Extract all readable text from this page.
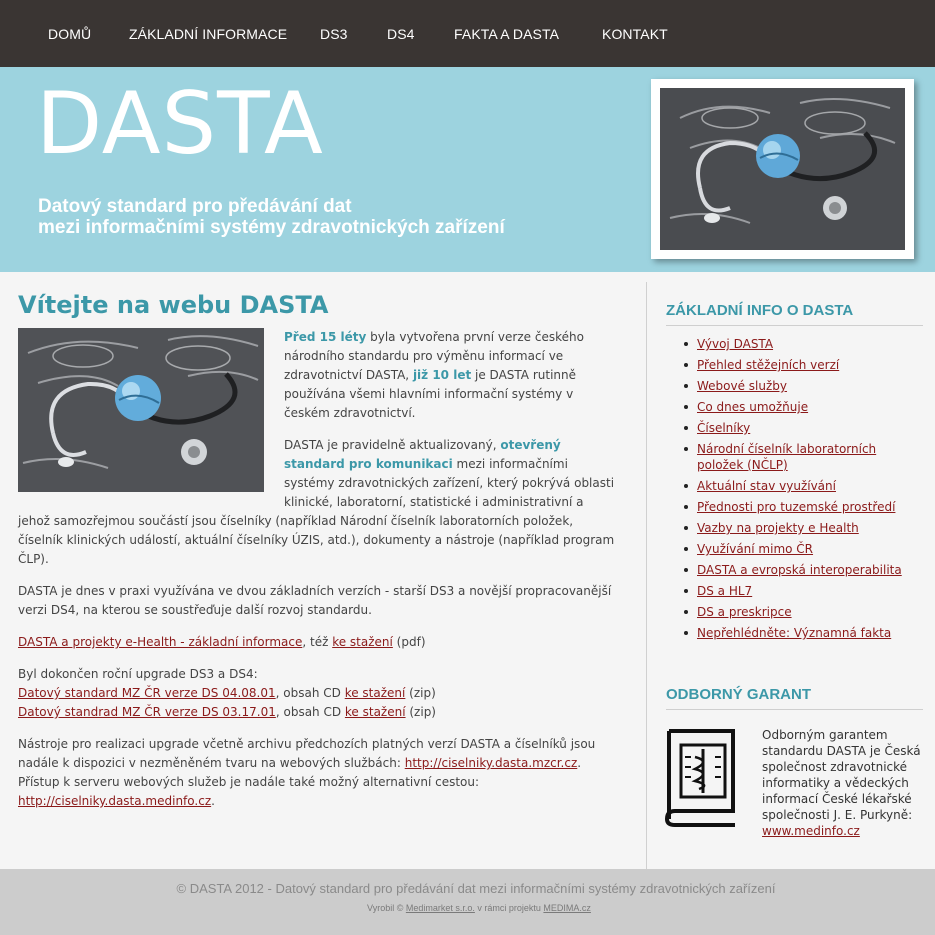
DOMŮ	ZÁKLADNÍ INFORMACE DS3	DS4	FAKTA A DASTA	KONTAKT
DASTA
Datový standard pro předávání dat
mezi informačními systémy zdravotnických zařízení
Vítejte na webu DASTA

Před 15 léty byla vytvořena první verze českého národního standardu pro výměnu informací ve zdravotnictví DASTA, již 10 let je DASTA rutinně používána všemi hlavními informační systémy v českém zdravotnictví.

DASTA je pravidelně aktualizovaný, otevřený standard pro komunikaci mezi informačními systémy zdravotnických zařízení, který pokrývá oblasti klinické, laboratorní, statistické i administrativní a jehož samozřejmou součástí jsou číselníky (například Národní číselník laboratorních položek, číselník klinických událostí, aktuální číselníky ÚZIS, atd.), dokumenty a nástroje (například program ČLP).

DASTA je dnes v praxi využívána ve dvou základních verzích - starší DS3 a novější propracovanější verzi DS4, na kterou se soustřeďuje další rozvoj standardu.

DASTA a projekty e-Health - základní informace, též ke stažení (pdf)

Byl dokončen roční upgrade DS3 a DS4:
Datový standard MZ ČR verze DS 04.08.01, obsah CD ke stažení (zip)
Datový standrad MZ ČR verze DS 03.17.01, obsah CD ke stažení (zip)

Nástroje pro realizaci upgrade včetně archivu předchozích platných verzí DASTA a číselníků jsou nadále k dispozici v nezměněném tvaru na webových službách: http://ciselniky.dasta.mzcr.cz.
Přístup k serveru webových služeb je nadále také možný alternativní cestou: http://ciselniky.dasta.medinfo.cz.

ZÁKLADNÍ INFO O DASTA
Vývoj DASTA
Přehled stěžejních verzí
Webové služby
Co dnes umožňuje
Číselníky
Národní číselník laboratorních položek (NČLP)
Aktuální stav využívání
Přednosti pro tuzemské prostředí
Vazby na projekty e Health
Využívání mimo ČR
DASTA a evropská interoperabilita
DS a HL7
DS a preskripce
Nepřehlédněte: Významná fakta
ODBORNÝ GARANT
Odborným garantem standardu DASTA je Česká společnost zdravotnické informatiky a vědeckých informací České lékařské společnosti J. E. Purkyně: www.medinfo.cz
© DASTA 2012 - Datový standard pro předávání dat mezi informačními systémy zdravotnických zařízení
Vyrobil © Medimarket s.r.o. v rámci projektu MEDIMA.cz
